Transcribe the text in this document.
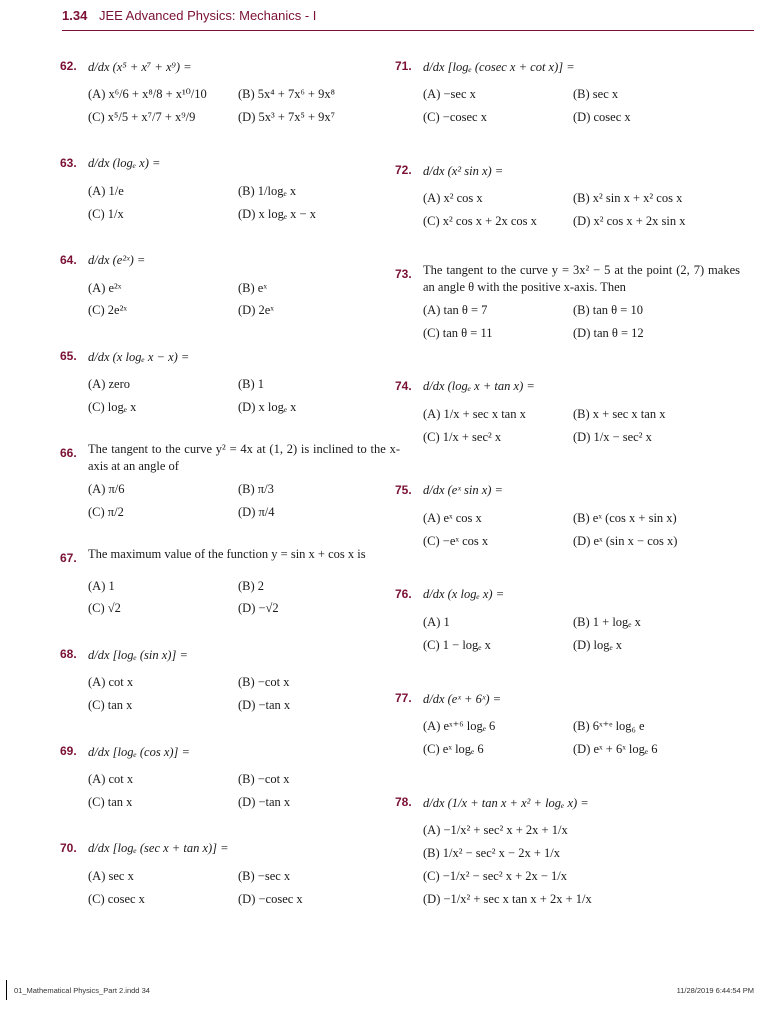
1.34 JEE Advanced Physics: Mechanics - I
62. d/dx (x⁵ + x⁷ + x⁹) =
(A) x⁶/6 + x⁸/8 + x¹⁰/10	(B) 5x⁴ + 7x⁶ + 9x⁸
(C) x⁵/5 + x⁷/7 + x⁹/9	(D) 5x³ + 7x⁵ + 9x⁷
63. d/dx (logₑ x) =
(A) 1/e	(B) 1/logₑ x
(C) 1/x	(D) x logₑ x − x
64. d/dx (e²ˣ) =
(A) e²ˣ	(B) eˣ
(C) 2e²ˣ	(D) 2eˣ
65. d/dx (x logₑ x − x) =
(A) zero	(B) 1
(C) logₑ x	(D) x logₑ x
66. The tangent to the curve y² = 4x at (1, 2) is inclined to the x-axis at an angle of
(A) π/6	(B) π/3
(C) π/2	(D) π/4
67. The maximum value of the function y = sin x + cos x is
(A) 1	(B) 2
(C) √2	(D) −√2
68. d/dx [logₑ (sin x)] =
(A) cot x	(B) −cot x
(C) tan x	(D) −tan x
69. d/dx [logₑ (cos x)] =
(A) cot x	(B) −cot x
(C) tan x	(D) −tan x
70. d/dx [logₑ (sec x + tan x)] =
(A) sec x	(B) −sec x
(C) cosec x	(D) −cosec x
71. d/dx [logₑ (cosec x + cot x)] =
(A) −sec x	(B) sec x
(C) −cosec x	(D) cosec x
72. d/dx (x² sin x) =
(A) x² cos x	(B) x² sin x + x² cos x
(C) x² cos x + 2x cos x	(D) x² cos x + 2x sin x
73. The tangent to the curve y = 3x² − 5 at the point (2, 7) makes an angle θ with the positive x-axis. Then
(A) tan θ = 7	(B) tan θ = 10
(C) tan θ = 11	(D) tan θ = 12
74. d/dx (logₑ x + tan x) =
(A) 1/x + sec x tan x	(B) x + sec x tan x
(C) 1/x + sec² x	(D) 1/x − sec² x
75. d/dx (eˣ sin x) =
(A) eˣ cos x	(B) eˣ (cos x + sin x)
(C) −eˣ cos x	(D) eˣ (sin x − cos x)
76. d/dx (x logₑ x) =
(A) 1	(B) 1 + logₑ x
(C) 1 − logₑ x	(D) logₑ x
77. d/dx (eˣ + 6ˣ) =
(A) eˣ⁺⁶ logₑ 6	(B) 6ˣ⁺ᵉ log₆ e
(C) eˣ logₑ 6	(D) eˣ + 6ˣ logₑ 6
78. d/dx (1/x + tan x + x² + logₑ x) =
(A) −1/x² + sec² x + 2x + 1/x
(B) 1/x² − sec² x − 2x + 1/x
(C) −1/x² − sec² x + 2x − 1/x
(D) −1/x² + sec x tan x + 2x + 1/x
01_Mathematical Physics_Part 2.indd 34	11/28/2019 6:44:54 PM
